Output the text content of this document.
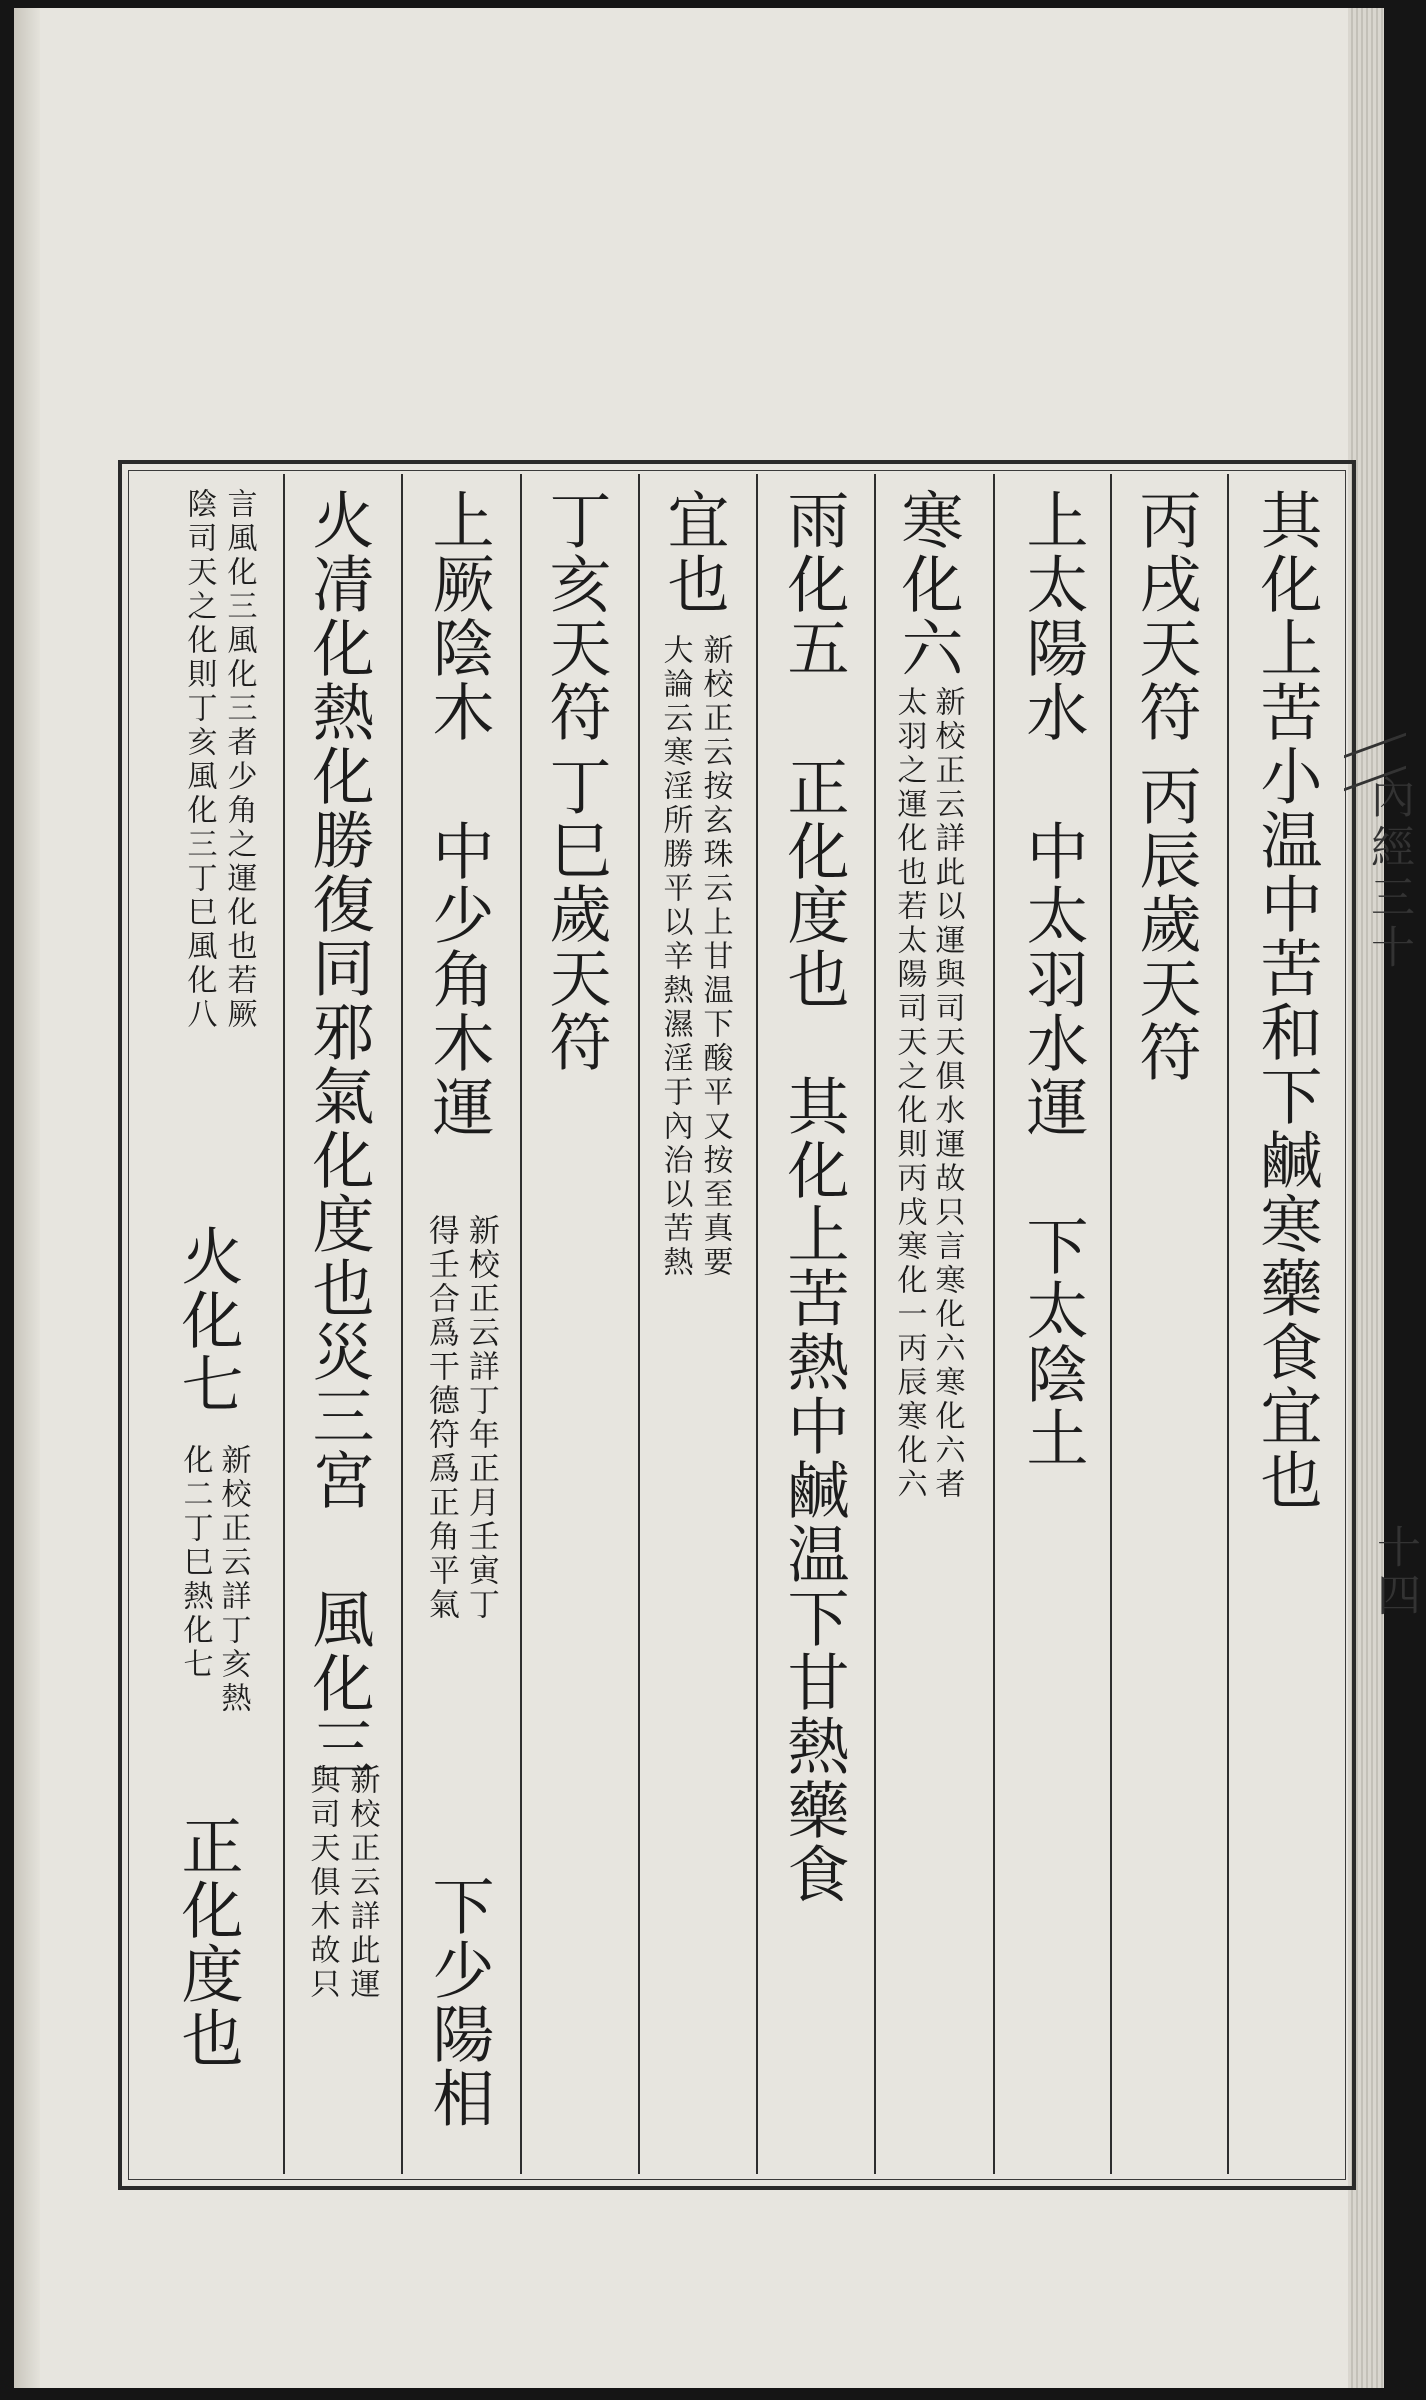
內經三十
十四
其化上苦小温中苦和下鹹寒藥食宜也
丙戌天符
丙辰歲天符
上太陽水 中太羽水運 下太陰土
寒化六
新校正云詳此以運與司天俱水運故只言寒化六寒化六者
太羽之運化也若太陽司天之化則丙戌寒化一丙辰寒化六
雨化五 正化度也
其化上苦熱中鹹温下甘熱藥食
宜也
新校正云按玄珠云上甘温下酸平又按至真要
大論云寒淫所勝平以辛熱濕淫于內治以苦熱
丁亥天符
丁巳歲天符
上厥陰木 中少角木運
新校正云詳丁年正月壬寅丁
得壬合爲干德符爲正角平氣
下少陽相
火凊化熱化勝復同邪氣化度也災三宮 風化三
新校正云詳此運
與司天俱木故只
言風化三風化三者少角之運化也若厥
陰司天之化則丁亥風化三丁巳風化八
火化七
新校正云詳丁亥熱
化二丁巳熱化七
正化度也
